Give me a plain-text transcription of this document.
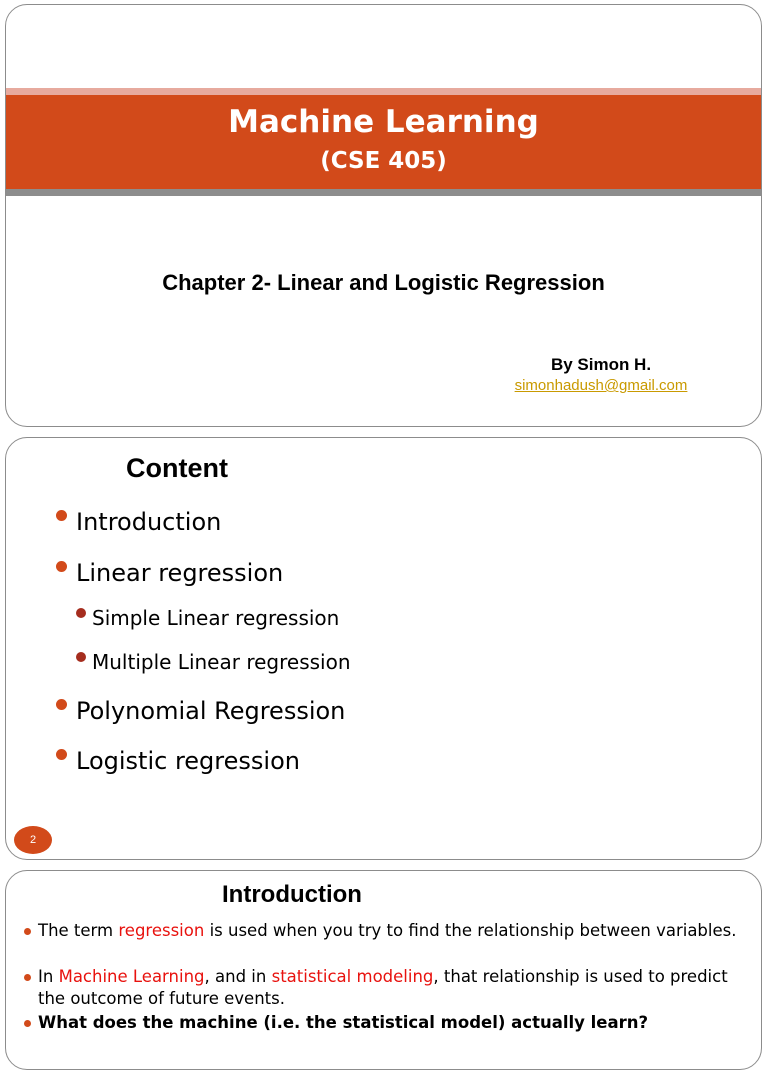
Machine Learning
(CSE 405)
Chapter 2- Linear and Logistic Regression
By Simon H.
simonhadush@gmail.com
Content
Introduction
Linear regression
Simple Linear regression
Multiple Linear regression
Polynomial Regression
Logistic regression
2
Introduction
The term regression is used when you try to find the relationship between variables.
In Machine Learning, and in statistical modeling, that relationship is used to predict the outcome of future events.
What does the machine (i.e. the statistical model) actually learn?
